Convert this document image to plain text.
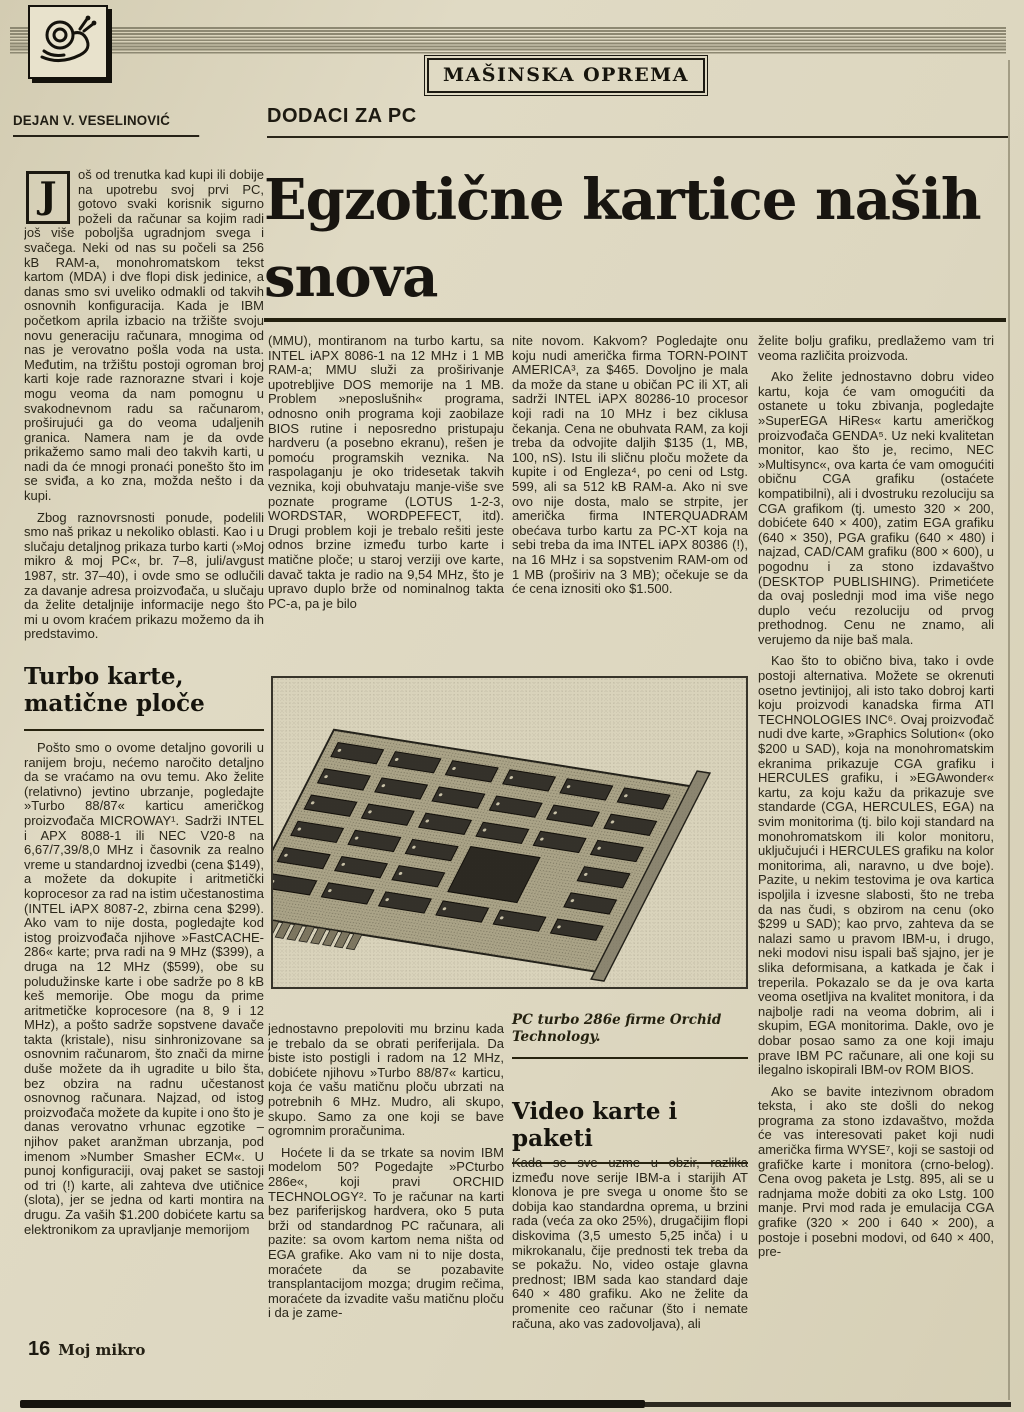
MAŠINSKA OPREMA
DEJAN V. VESELINOVIĆ	DODACI ZA PC
Egzotične kartice naših
snova

J
oš od trenutka kad kupi ili dobije na upotrebu svoj prvi PC, gotovo svaki korisnik sigurno poželi da računar sa kojim radi još više poboljša ugradnjom svega i svačega. Neki od nas su počeli sa 256 kB RAM-a, monohromatskom tekst kartom (MDA) i dve flopi disk jedinice, a danas smo svi uveliko odmakli od takvih osnovnih konfiguracija. Kada je IBM početkom aprila izbacio na tržište svoju novu generaciju računara, mnogima od nas je verovatno pošla voda na usta. Međutim, na tržištu postoji ogroman broj karti koje rade raznorazne stvari i koje mogu veoma da nam pomognu u svakodnevnom radu sa računarom, proširujući ga do veoma udaljenih granica. Namera nam je da ovde prikažemo samo mali deo takvih karti, u nadi da će mnogi pronaći ponešto što im se sviđa, a ko zna, možda nešto i da kupi.

Zbog raznovrsnosti ponude, podelili smo naš prikaz u nekoliko oblasti. Kao i u slučaju detaljnog prikaza turbo karti (»Moj mikro & moj PC«, br. 7–8, juli/avgust 1987, str. 37–40), i ovde smo se odlučili za davanje adresa proizvođača, u slučaju da želite detaljnije informacije nego što mi u ovom kraćem prikazu možemo da ih predstavimo.

Turbo karte, matične ploče

Pošto smo o ovome detaljno govorili u ranijem broju, nećemo naročito detaljno da se vraćamo na ovu temu. Ako želite (relativno) jevtino ubrzanje, pogledajte »Turbo 88/87« karticu američkog proizvođača MICROWAY¹. Sadrži INTEL i APX 8088-1 ili NEC V20-8 na 6,67/7,39/8,0 MHz i časovnik za realno vreme u standardnoj izvedbi (cena $149), a možete da dokupite i aritmetički koprocesor za rad na istim učestanostima (INTEL iAPX 8087-2, zbirna cena $299). Ako vam to nije dosta, pogledajte kod istog proizvođača njihove »FastCACHE-286« karte; prva radi na 9 MHz ($399), a druga na 12 MHz ($599), obe su poludužinske karte i obe sadrže po 8 kB keš memorije. Obe mogu da prime aritmetičke koprocesore (na 8, 9 i 12 MHz), a pošto sadrže sopstvene davače takta (kristale), nisu sinhronizovane sa osnovnim računarom, što znači da mirne duše možete da ih ugradite u bilo šta, bez obzira na radnu učestanost osnovnog računara. Najzad, od istog proizvođača možete da kupite i ono što je danas verovatno vrhunac egzotike – njihov paket aranžman ubrzanja, pod imenom »Number Smasher ECM«. U punoj konfiguraciji, ovaj paket se sastoji od tri (!) karte, ali zahteva dve utičnice (slota), jer se jedna od karti montira na drugu. Za vaših $1.200 dobićete kartu sa elektronikom za upravljanje memorijom

(MMU), montiranom na turbo kartu, sa INTEL iAPX 8086-1 na 12 MHz i 1 MB RAM-a; MMU služi za proširivanje upotrebljive DOS memorije na 1 MB. Problem »neposlušnih« programa, odnosno onih programa koji zaobilaze BIOS rutine i neposredno pristupaju hardveru (a posebno ekranu), rešen je pomoću programskih veznika. Na raspolaganju je oko tridesetak takvih veznika, koji obuhvataju manje-više sve poznate programe (LOTUS 1-2-3, WORDSTAR, WORDPEFECT, itd). Drugi problem koji je trebalo rešiti jeste odnos brzine između turbo karte i matične ploče; u staroj verziji ove karte, davač takta je radio na 9,54 MHz, što je upravo duplo brže od nominalnog takta PC-a, pa je bilo

jednostavno prepoloviti mu brzinu kada je trebalo da se obrati periferijala. Da biste isto postigli i radom na 12 MHz, dobićete njihovu »Turbo 88/87« karticu, koja će vašu matičnu ploču ubrzati na potrebnih 6 MHz. Mudro, ali skupo, skupo. Samo za one koji se bave ogromnim proračunima.

Hoćete li da se trkate sa novim IBM modelom 50? Pogedajte »PCturbo 286e«, koji pravi ORCHID TECHNOLOGY². To je računar na karti bez pariferijskog hardvera, oko 5 puta brži od standardnog PC računara, ali pazite: sa ovom kartom nema ništa od EGA grafike. Ako vam ni to nije dosta, moraćete da se pozabavite transplantacijom mozga; drugim rečima, moraćete da izvadite vašu matičnu ploču i da je zame-

nite novom. Kakvom? Pogledajte onu koju nudi američka firma TORN-POINT AMERICA³, za $465. Dovoljno je mala da može da stane u običan PC ili XT, ali sadrži INTEL iAPX 80286-10 procesor koji radi na 10 MHz i bez ciklusa čekanja. Cena ne obuhvata RAM, za koji treba da odvojite daljih $135 (1, MB, 100, nS). Istu ili sličnu ploču možete da kupite i od Engleza⁴, po ceni od Lstg. 599, ali sa 512 kB RAM-a. Ako ni sve ovo nije dosta, malo se strpite, jer američka firma INTERQUADRAM obećava turbo kartu za PC-XT koja na sebi treba da ima INTEL iAPX 80386 (!), na 16 MHz i sa sopstvenim RAM-om od 1 MB (proširiv na 3 MB); očekuje se da će cena iznositi oko $1.500.

PC turbo 286e firme Orchid Technology.
Video karte i paketi

Kada se sve uzme u obzir, razlika između nove serije IBM-a i starijih AT klonova je pre svega u onome što se dobija kao standardna oprema, u brzini rada (veća za oko 25%), drugačijim flopi diskovima (3,5 umesto 5,25 inča) i u mikrokanalu, čije prednosti tek treba da se pokažu. No, video ostaje glavna prednost; IBM sada kao standard daje 640 × 480 grafiku. Ako ne želite da promenite ceo računar (što i nemate računa, ako vas zadovoljava), ali

želite bolju grafiku, predlažemo vam tri veoma različita proizvoda.

Ako želite jednostavno dobru video kartu, koja će vam omogućiti da ostanete u toku zbivanja, pogledajte »SuperEGA HiRes« kartu američkog proizvođača GENDA⁵. Uz neki kvalitetan monitor, kao što je, recimo, NEC »Multisync«, ova karta će vam omogućiti običnu CGA grafiku (ostaćete kompatibilni), ali i dvostruku rezoluciju sa CGA grafikom (tj. umesto 320 × 200, dobićete 640 × 400), zatim EGA grafiku (640 × 350), PGA grafiku (640 × 480) i najzad, CAD/CAM grafiku (800 × 600), u pogodnu i za stono izdavaštvo (DESKTOP PUBLISHING). Primetićete da ovaj poslednji mod ima više nego duplo veću rezoluciju od prvog prethodnog. Cenu ne znamo, ali verujemo da nije baš mala.

Kao što to obično biva, tako i ovde postoji alternativa. Možete se okrenuti osetno jevtinijoj, ali isto tako dobroj karti koju proizvodi kanadska firma ATI TECHNOLOGIES INC⁶. Ovaj proizvođač nudi dve karte, »Graphics Solution« (oko $200 u SAD), koja na monohromatskim ekranima prikazuje CGA grafiku i HERCULES grafiku, i »EGAwonder« kartu, za koju kažu da prikazuje sve standarde (CGA, HERCULES, EGA) na svim monitorima (tj. bilo koji standard na monohromatskom ili kolor monitoru, uključujući i HERCULES grafiku na kolor monitorima, ali, naravno, u dve boje). Pazite, u nekim testovima je ova kartica ispoljila i izvesne slabosti, što ne treba da nas čudi, s obzirom na cenu (oko $299 u SAD); kao prvo, zahteva da se nalazi samo u pravom IBM-u, i drugo, neki modovi nisu ispali baš sjajno, jer je slika deformisana, a katkada je čak i treperila. Pokazalo se da je ova karta veoma osetljiva na kvalitet monitora, i da najbolje radi na veoma dobrim, ali i skupim, EGA monitorima. Dakle, ovo je dobar posao samo za one koji imaju prave IBM PC računare, ali one koji su ilegalno iskopirali IBM-ov ROM BIOS.

Ako se bavite intezivnom obradom teksta, i ako ste došli do nekog programa za stono izdavaštvo, možda će vas interesovati paket koji nudi američka firma WYSE⁷, koji se sastoji od grafičke karte i monitora (crno-belog). Cena ovog paketa je Lstg. 895, ali se u radnjama može dobiti za oko Lstg. 100 manje. Prvi mod rada je emulacija CGA grafike (320 × 200 i 640 × 200), a postoje i posebni modovi, od 640 × 400, pre-

16 Moj mikro
